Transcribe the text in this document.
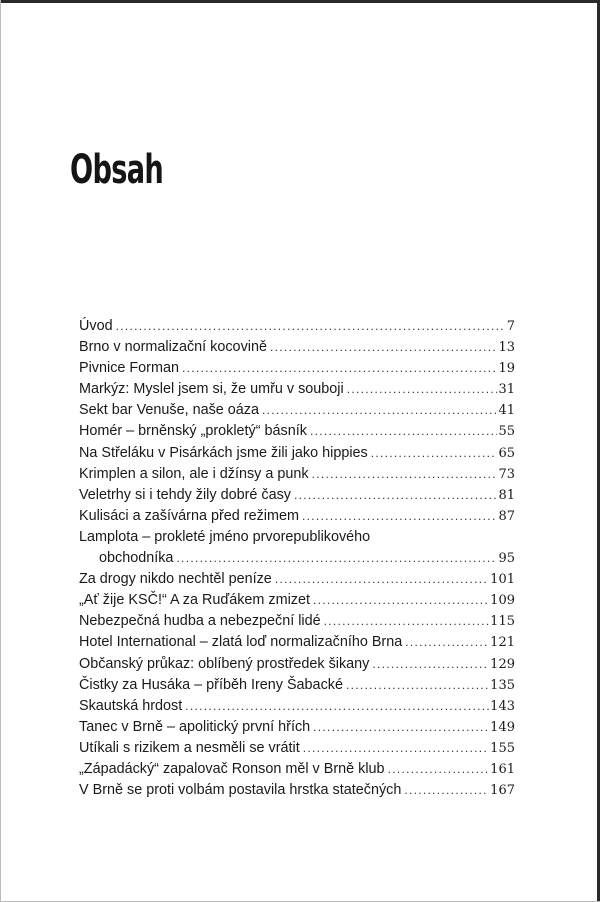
Obsah
Úvod .....	7
Brno v normalizační kocovině .....	13
Pivnice Forman .....	19
Markýz: Myslel jsem si, že umřu v souboji .....	31
Sekt bar Venuše, naše oáza .....	41
Homér – brněnský „prokletý“ básník .....	55
Na Střeláku v Pisárkách jsme žili jako hippies .....	65
Krimplen a silon, ale i džínsy a punk .....	73
Veletrhy si i tehdy žily dobré časy .....	81
Kulisáci a zašívárna před režimem .....	87
Lamplota – prokleté jméno prvorepublikového
obchodníka .....	95
Za drogy nikdo nechtěl peníze .....	101
„Ať žije KSČ!“ A za Ruďákem zmizet .....	109
Nebezpečná hudba a nebezpeční lidé .....	115
Hotel International – zlatá loď normalizačního Brna .....	121
Občanský průkaz: oblíbený prostředek šikany .....	129
Čistky za Husáka – příběh Ireny Šabacké .....	135
Skautská hrdost .....	143
Tanec v Brně – apolitický první hřích .....	149
Utíkali s rizikem a nesměli se vrátit .....	155
„Západácký“ zapalovač Ronson měl v Brně klub .....	161
V Brně se proti volbám postavila hrstka statečných .....	167
